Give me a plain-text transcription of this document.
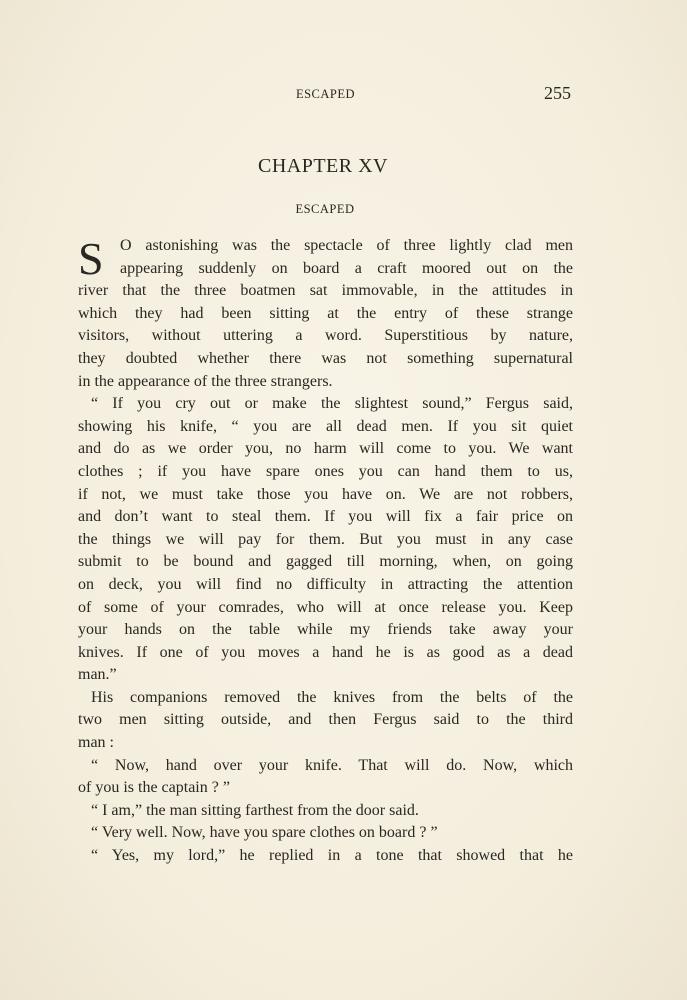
ESCAPED	255
CHAPTER XV
ESCAPED
S	O astonishing was the spectacle of three lightly clad men
appearing suddenly on board a craft moored out on the
river that the three boatmen sat immovable, in the attitudes in
which they had been sitting at the entry of these strange
visitors, without uttering a word. Superstitious by nature,
they doubted whether there was not something supernatural
in the appearance of the three strangers.
“ If you cry out or make the slightest sound,” Fergus said,
showing his knife, “ you are all dead men. If you sit quiet
and do as we order you, no harm will come to you. We want
clothes ; if you have spare ones you can hand them to us,
if not, we must take those you have on. We are not robbers,
and don’t want to steal them. If you will fix a fair price on
the things we will pay for them. But you must in any case
submit to be bound and gagged till morning, when, on going
on deck, you will find no difficulty in attracting the attention
of some of your comrades, who will at once release you. Keep
your hands on the table while my friends take away your
knives. If one of you moves a hand he is as good as a dead
man.”
His companions removed the knives from the belts of the
two men sitting outside, and then Fergus said to the third
man :
“ Now, hand over your knife. That will do. Now, which
of you is the captain ? ”
“ I am,” the man sitting farthest from the door said.
“ Very well. Now, have you spare clothes on board ? ”
“ Yes, my lord,” he replied in a tone that showed that he
